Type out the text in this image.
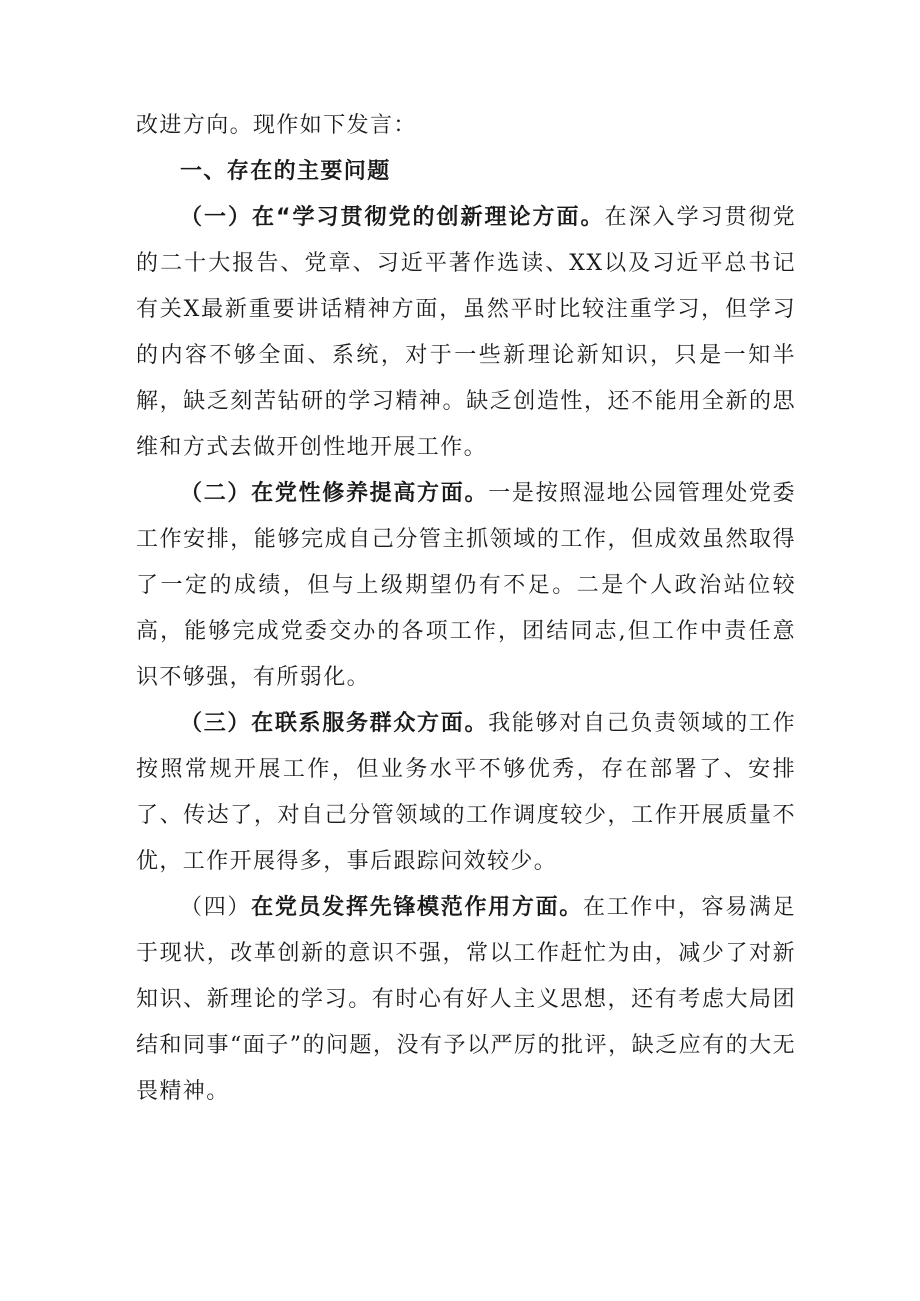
改进方向。现作如下发言：

一、存在的主要问题

（一）在“学习贯彻党的创新理论方面。在深入学习贯彻党的二十大报告、党章、习近平著作选读、XX以及习近平总书记有关X最新重要讲话精神方面，虽然平时比较注重学习，但学习的内容不够全面、系统，对于一些新理论新知识，只是一知半解，缺乏刻苦钻研的学习精神。缺乏创造性，还不能用全新的思维和方式去做开创性地开展工作。

（二）在党性修养提高方面。一是按照湿地公园管理处党委工作安排，能够完成自己分管主抓领域的工作，但成效虽然取得了一定的成绩，但与上级期望仍有不足。二是个人政治站位较高，能够完成党委交办的各项工作，团结同志,但工作中责任意识不够强，有所弱化。

（三）在联系服务群众方面。我能够对自己负责领域的工作按照常规开展工作，但业务水平不够优秀，存在部署了、安排了、传达了，对自己分管领域的工作调度较少，工作开展质量不优，工作开展得多，事后跟踪问效较少。

（四）在党员发挥先锋模范作用方面。在工作中，容易满足于现状，改革创新的意识不强，常以工作赶忙为由，减少了对新知识、新理论的学习。有时心有好人主义思想，还有考虑大局团结和同事“面子”的问题，没有予以严厉的批评，缺乏应有的大无畏精神。
